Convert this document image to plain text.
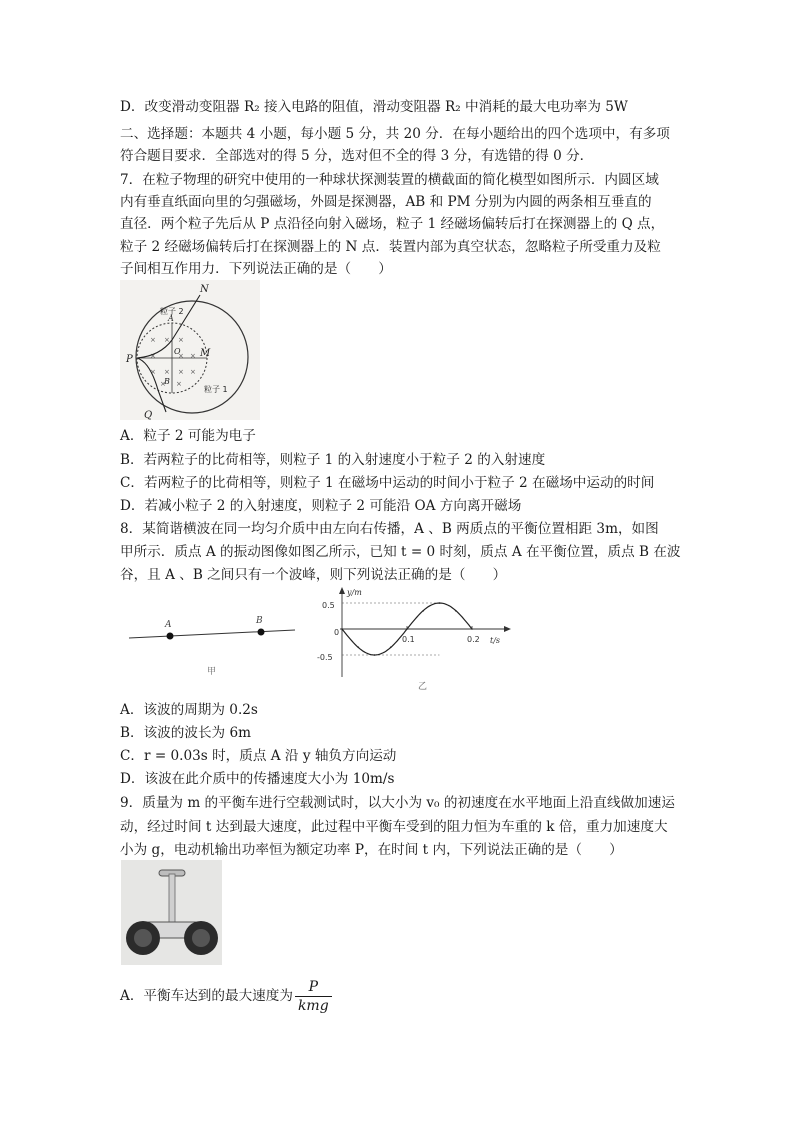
D．改变滑动变阻器 R₂ 接入电路的阻值，滑动变阻器 R₂ 中消耗的最大电功率为 5W
二、选择题：本题共 4 小题，每小题 5 分，共 20 分．在每小题给出的四个选项中，有多项
符合题目要求．全部选对的得 5 分，选对但不全的得 3 分，有选错的得 0 分．
7．在粒子物理的研究中使用的一种球状探测装置的横截面的简化模型如图所示．内圆区域
内有垂直纸面向里的匀强磁场，外圆是探测器，AB 和 PM 分别为内圆的两条相互垂直的
直径．两个粒子先后从 P 点沿径向射入磁场，粒子 1 经磁场偏转后打在探测器上的 Q 点，
粒子 2 经磁场偏转后打在探测器上的 N 点．装置内部为真空状态，忽略粒子所受重力及粒
子间相互作用力．下列说法正确的是（　　）
× × ×
×	× ×
× × × ×
× ×
N
P
M
Q
O
A
B
粒子 2
粒子 1
A．粒子 2 可能为电子
B．若两粒子的比荷相等，则粒子 1 的入射速度小于粒子 2 的入射速度
C．若两粒子的比荷相等，则粒子 1 在磁场中运动的时间小于粒子 2 在磁场中运动的时间
D．若减小粒子 2 的入射速度，则粒子 2 可能沿 OA 方向离开磁场
8．某简谐横波在同一均匀介质中由左向右传播，A 、B 两质点的平衡位置相距 3m，如图
甲所示．质点 A 的振动图像如图乙所示，已知 t = 0 时刻，质点 A 在平衡位置，质点 B 在波
谷，且 A 、B 之间只有一个波峰，则下列说法正确的是（　　）
A	B
甲
y/m
t/s
0.5
-0.5
0
0.1	0.2
乙
A．该波的周期为 0.2s
B．该波的波长为 6m
C．r = 0.03s 时，质点 A 沿 y 轴负方向运动
D．该波在此介质中的传播速度大小为 10m/s
9．质量为 m 的平衡车进行空载测试时，以大小为 v₀ 的初速度在水平地面上沿直线做加速运
动，经过时间 t 达到最大速度，此过程中平衡车受到的阻力恒为车重的 k 倍，重力加速度大
小为 g，电动机输出功率恒为额定功率 P，在时间 t 内，下列说法正确的是（　　）
A．平衡车达到的最大速度为 $\frac{P}{\text{kmg}}$
